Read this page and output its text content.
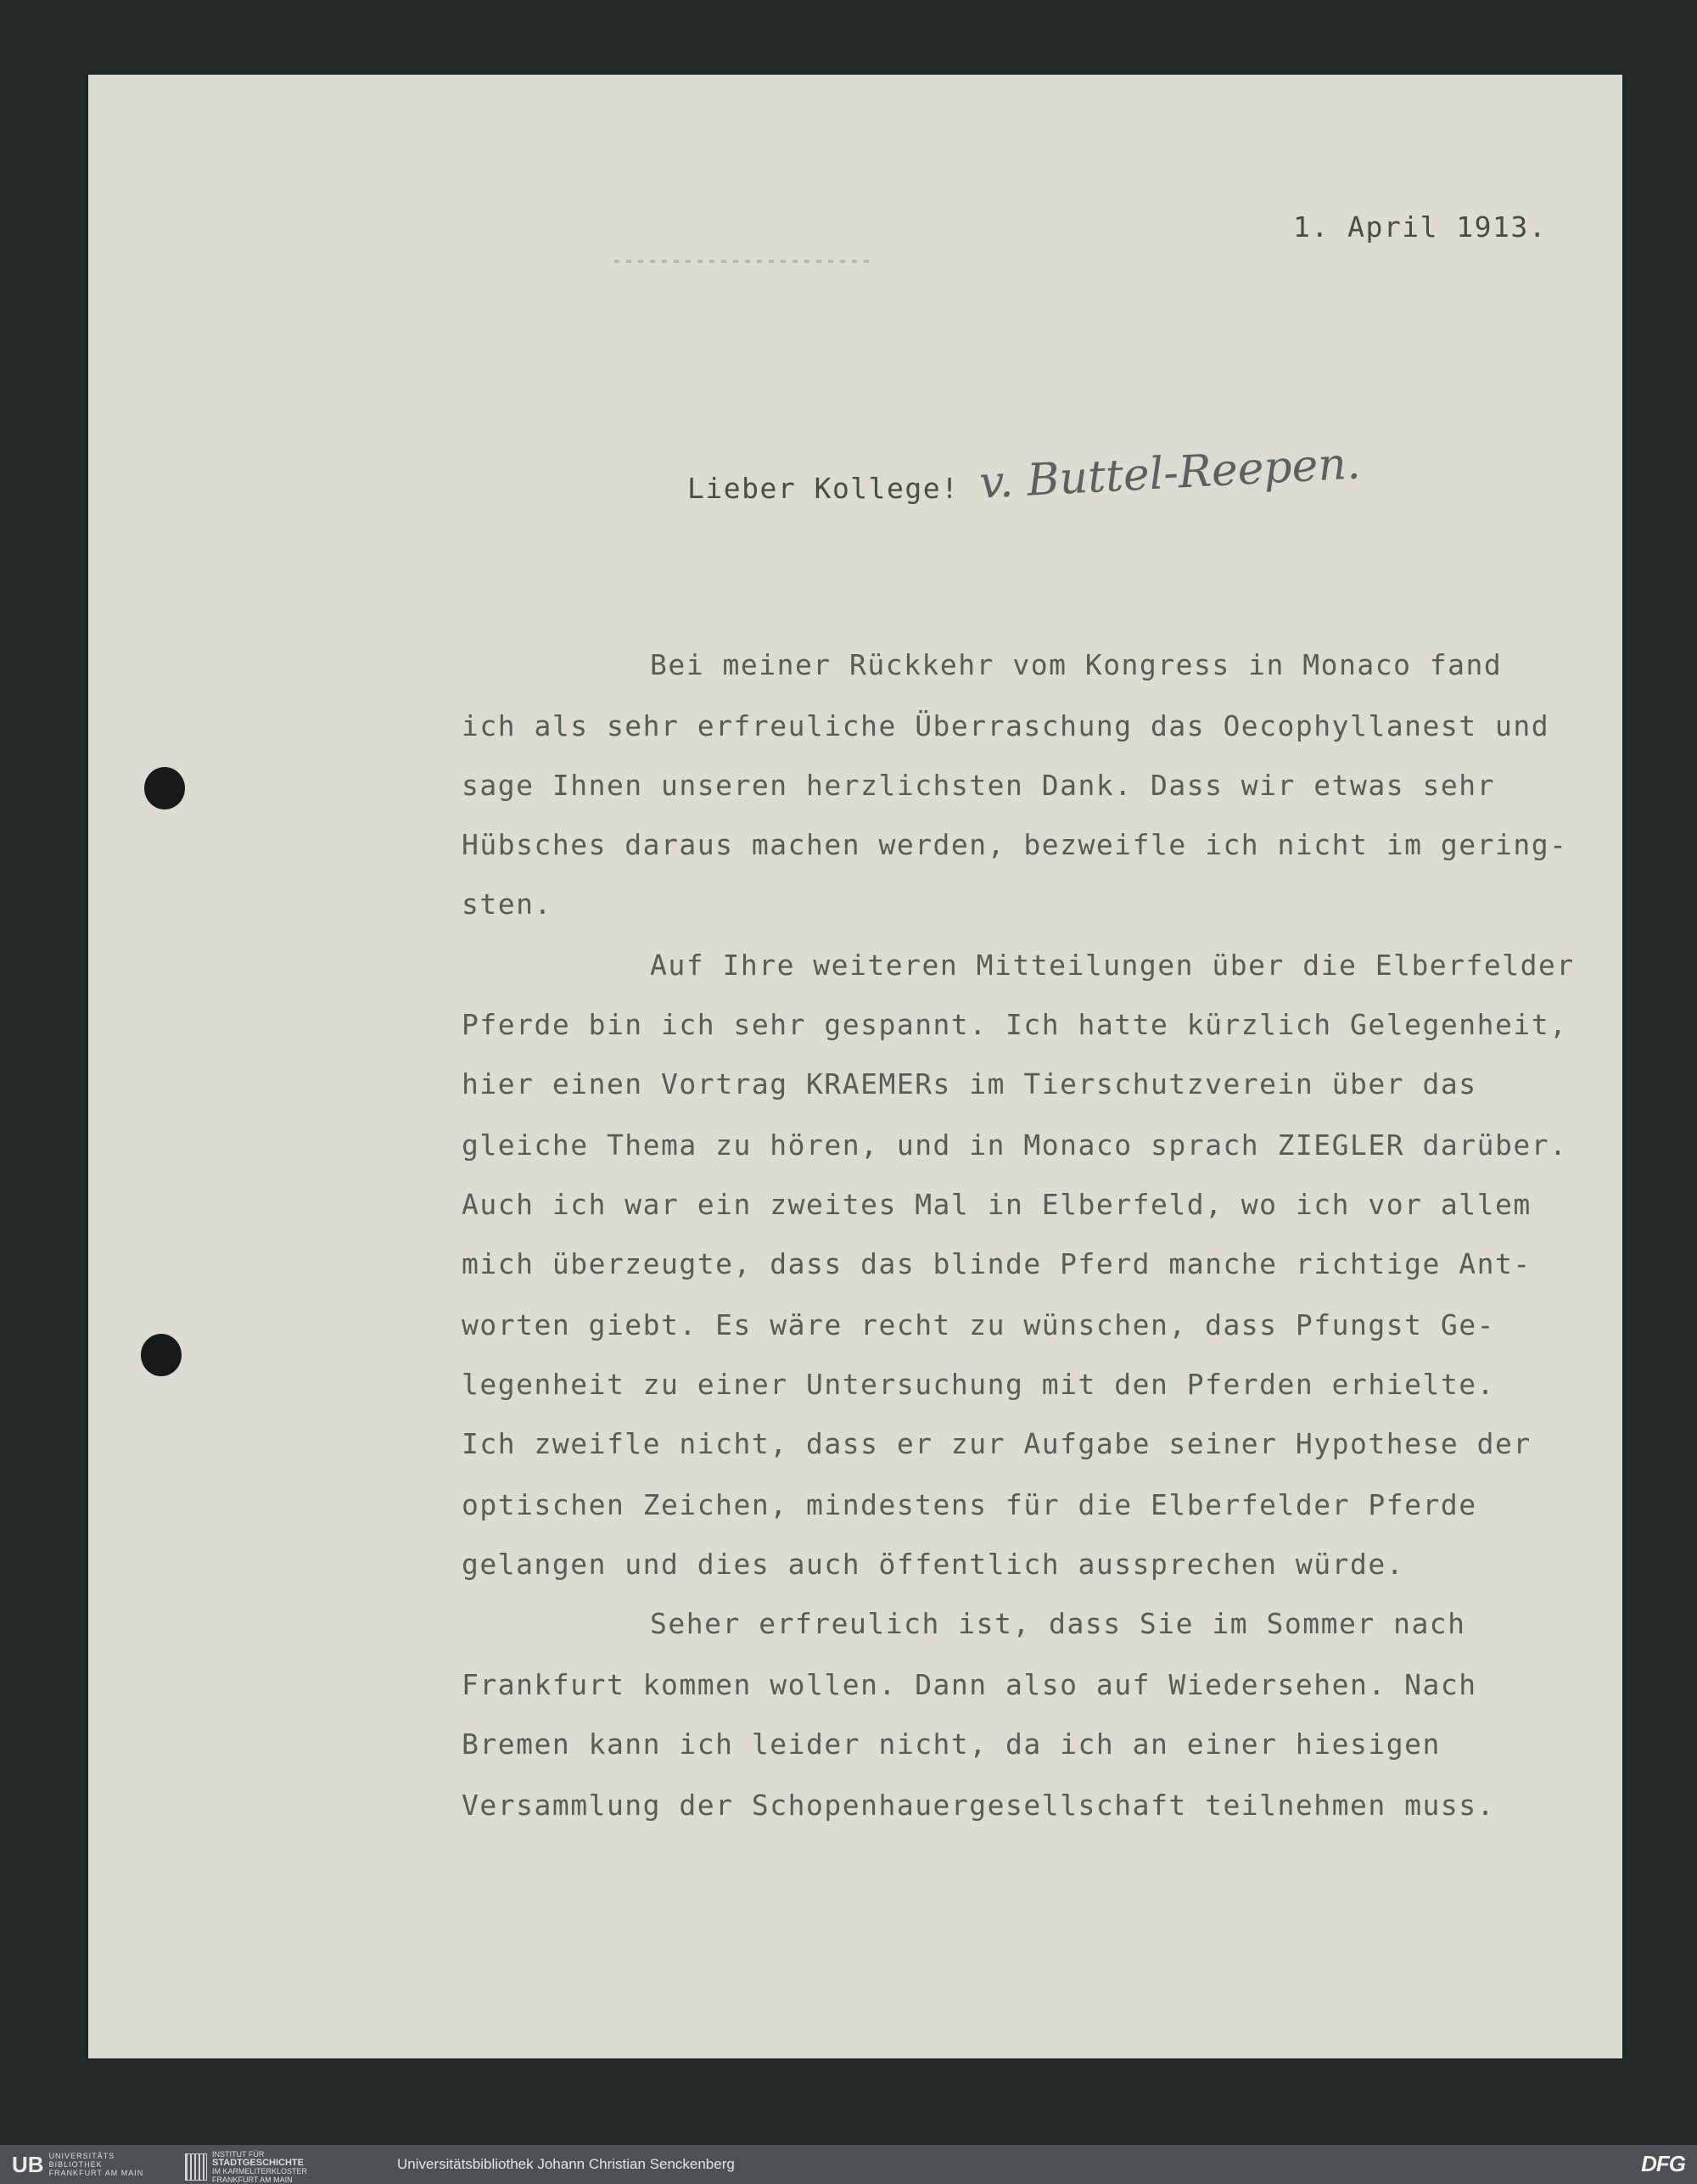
1. April 1913.
Lieber Kollege! v. Buttel-Reepen.
Bei meiner Rückkehr vom Kongress in Monaco fand
ich als sehr erfreuliche Überraschung das Oecophyllanest und
sage Ihnen unseren herzlichsten Dank. Dass wir etwas sehr
Hübsches daraus machen werden, bezweifle ich nicht im gering-
sten.
Auf Ihre weiteren Mitteilungen über die Elberfelder
Pferde bin ich sehr gespannt. Ich hatte kürzlich Gelegenheit,
hier einen Vortrag KRAEMERs im Tierschutzverein über das
gleiche Thema zu hören, und in Monaco sprach ZIEGLER darüber.
Auch ich war ein zweites Mal in Elberfeld, wo ich vor allem
mich überzeugte, dass das blinde Pferd manche richtige Ant-
worten giebt. Es wäre recht zu wünschen, dass Pfungst Ge-
legenheit zu einer Untersuchung mit den Pferden erhielte.
Ich zweifle nicht, dass er zur Aufgabe seiner Hypothese der
optischen Zeichen, mindestens für die Elberfelder Pferde
gelangen und dies auch öffentlich aussprechen würde.
Seher erfreulich ist, dass Sie im Sommer nach
Frankfurt kommen wollen. Dann also auf Wiedersehen. Nach
Bremen kann ich leider nicht, da ich an einer hiesigen
Versammlung der Schopenhauergesellschaft teilnehmen muss.
UB UNIVERSITÄTS
BIBLIOTHEK
FRANKFURT AM MAIN
INSTITUT FÜR
STADTGESCHICHTE
IM KARMELITERKLOSTER
FRANKFURT AM MAIN
Universitätsbibliothek Johann Christian Senckenberg	DFG
